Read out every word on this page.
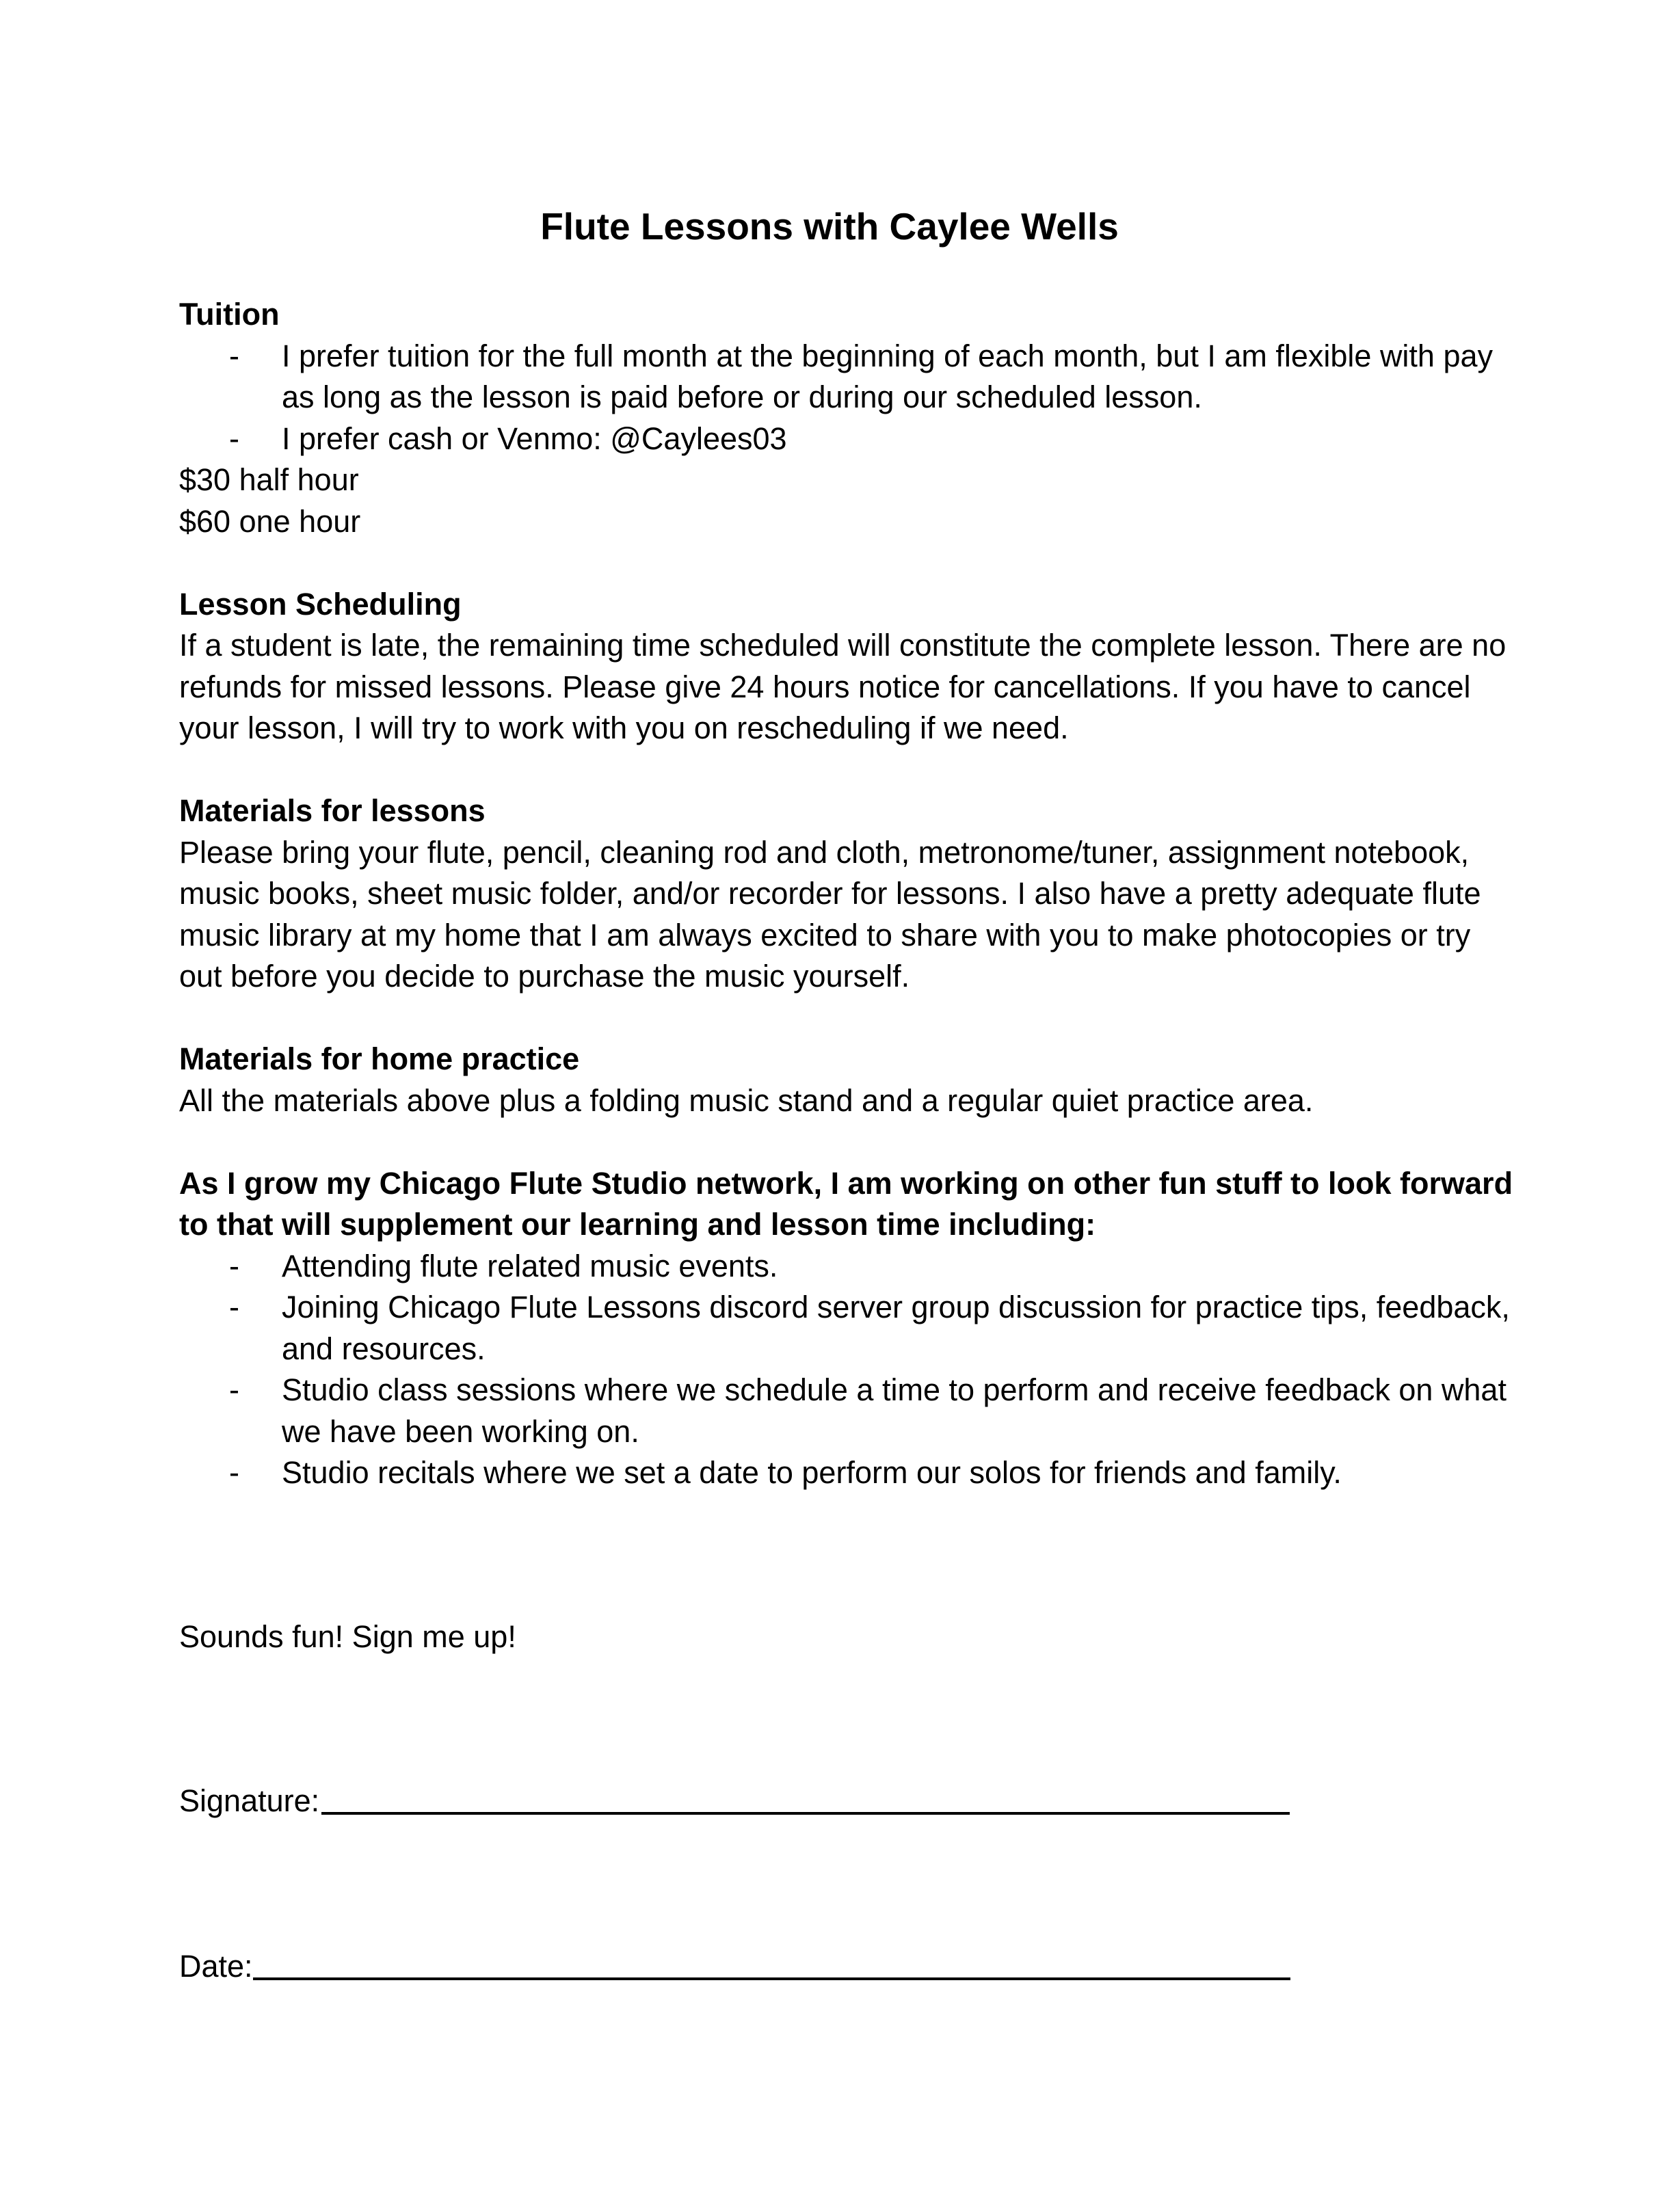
Flute Lessons with Caylee Wells

Tuition

- I prefer tuition for the full month at the beginning of each month, but I am flexible with pay as long as the lesson is paid before or during our scheduled lesson.
- I prefer cash or Venmo: @Caylees03

$30 half hour

$60 one hour

Lesson Scheduling

If a student is late, the remaining time scheduled will constitute the complete lesson. There are no refunds for missed lessons. Please give 24 hours notice for cancellations. If you have to cancel your lesson, I will try to work with you on rescheduling if we need.

Materials for lessons

Please bring your flute, pencil, cleaning rod and cloth, metronome/tuner, assignment notebook, music books, sheet music folder, and/or recorder for lessons. I also have a pretty adequate flute music library at my home that I am always excited to share with you to make photocopies or try out before you decide to purchase the music yourself.

Materials for home practice

All the materials above plus a folding music stand and a regular quiet practice area.

As I grow my Chicago Flute Studio network, I am working on other fun stuff to look forward to that will supplement our learning and lesson time including:

- Attending flute related music events.
- Joining Chicago Flute Lessons discord server group discussion for practice tips, feedback, and resources.
- Studio class sessions where we schedule a time to perform and receive feedback on what we have been working on.
- Studio recitals where we set a date to perform our solos for friends and family.
Sounds fun! Sign me up!
Signature:
Date:
